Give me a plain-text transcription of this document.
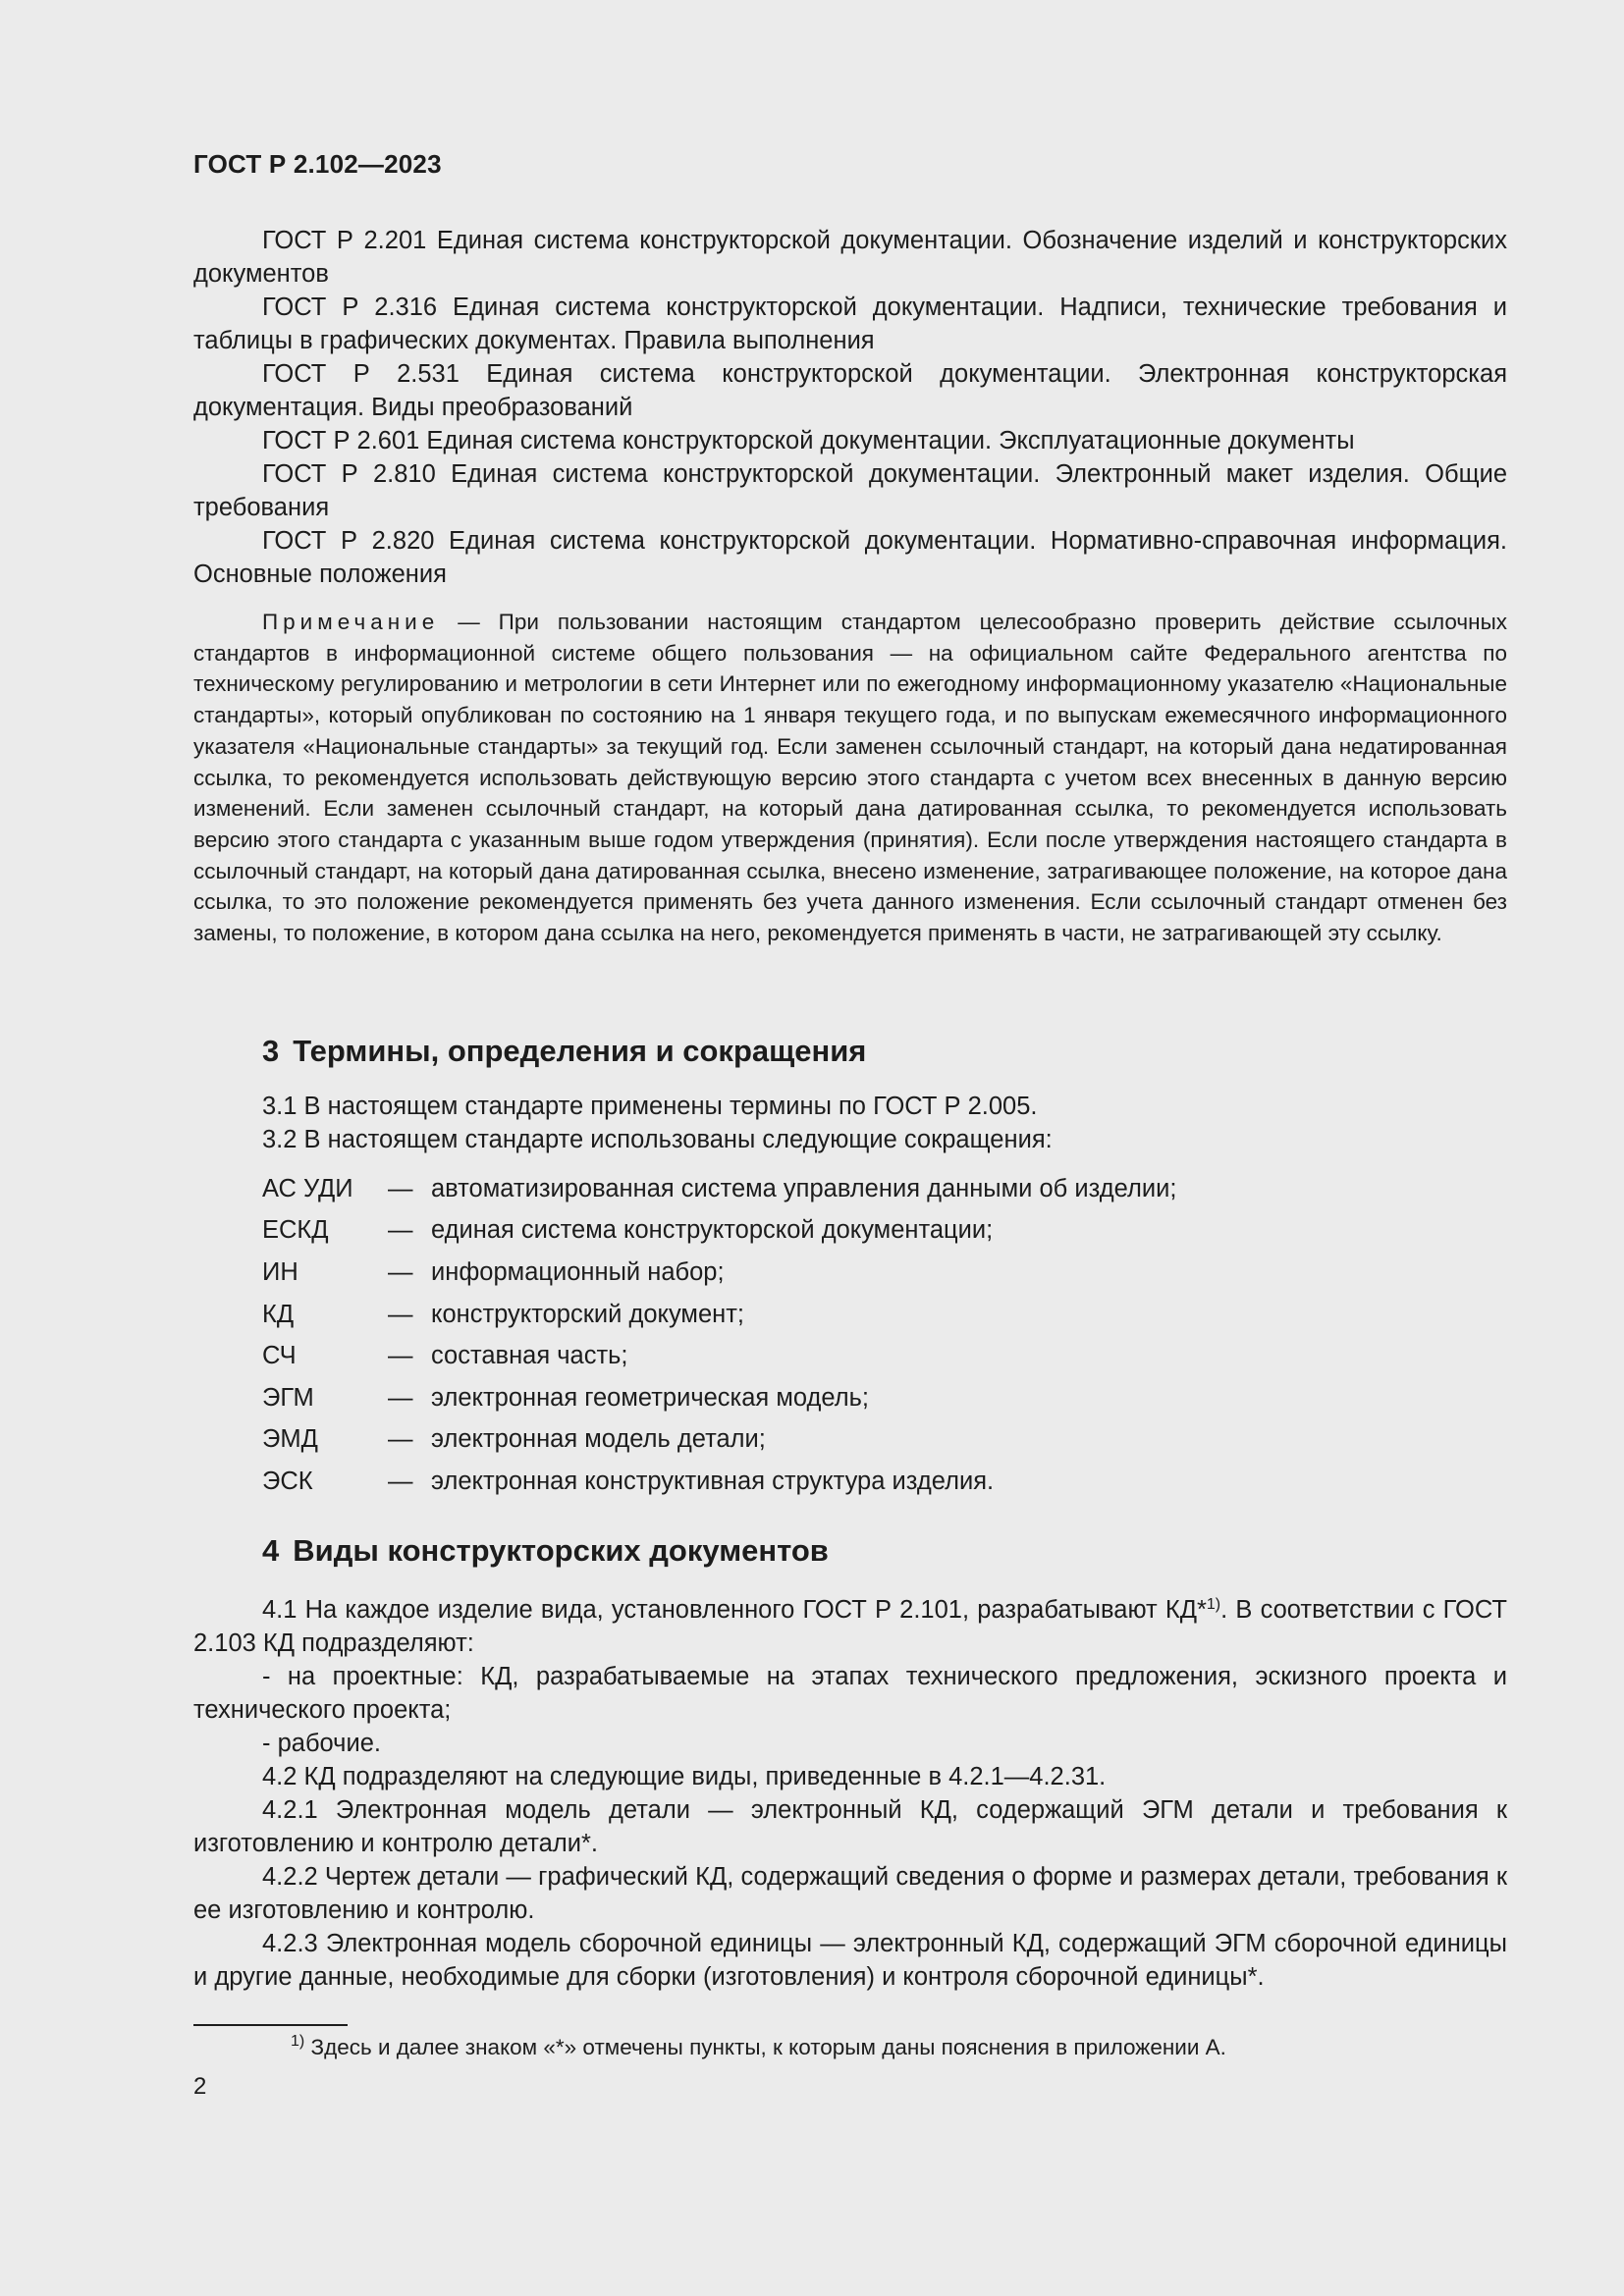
ГОСТ Р 2.102—2023

ГОСТ Р 2.201 Единая система конструкторской документации. Обозначение изделий и конструкторских документов

ГОСТ Р 2.316 Единая система конструкторской документации. Надписи, технические требования и таблицы в графических документах. Правила выполнения

ГОСТ Р 2.531 Единая система конструкторской документации. Электронная конструкторская документация. Виды преобразований

ГОСТ Р 2.601 Единая система конструкторской документации. Эксплуатационные документы

ГОСТ Р 2.810 Единая система конструкторской документации. Электронный макет изделия. Общие требования

ГОСТ Р 2.820 Единая система конструкторской документации. Нормативно-справочная информация. Основные положения

Примечание — При пользовании настоящим стандартом целесообразно проверить действие ссылочных стандартов в информационной системе общего пользования — на официальном сайте Федерального агентства по техническому регулированию и метрологии в сети Интернет или по ежегодному информационному указателю «Национальные стандарты», который опубликован по состоянию на 1 января текущего года, и по выпускам ежемесячного информационного указателя «Национальные стандарты» за текущий год. Если заменен ссылочный стандарт, на который дана недатированная ссылка, то рекомендуется использовать действующую версию этого стандарта с учетом всех внесенных в данную версию изменений. Если заменен ссылочный стандарт, на который дана датированная ссылка, то рекомендуется использовать версию этого стандарта с указанным выше годом утверждения (принятия). Если после утверждения настоящего стандарта в ссылочный стандарт, на который дана датированная ссылка, внесено изменение, затрагивающее положение, на которое дана ссылка, то это положение рекомендуется применять без учета данного изменения. Если ссылочный стандарт отменен без замены, то положение, в котором дана ссылка на него, рекомендуется применять в части, не затрагивающей эту ссылку.

3 Термины, определения и сокращения
3.1 В настоящем стандарте применены термины по ГОСТ Р 2.005.
3.2 В настоящем стандарте использованы следующие сокращения:
АС УДИ	— автоматизированная система управления данными об изделии;
ЕСКД	— единая система конструкторской документации;
ИН	— информационный набор;
КД	— конструкторский документ;
СЧ	— составная часть;
ЭГМ	— электронная геометрическая модель;
ЭМД	— электронная модель детали;
ЭСК	— электронная конструктивная структура изделия.
4 Виды конструкторских документов

4.1 На каждое изделие вида, установленного ГОСТ Р 2.101, разрабатывают КД*$^{1)}$. В соответствии с ГОСТ 2.103 КД подразделяют:

- на проектные: КД, разрабатываемые на этапах технического предложения, эскизного проекта и технического проекта;

- рабочие.

4.2 КД подразделяют на следующие виды, приведенные в 4.2.1—4.2.31.

4.2.1 Электронная модель детали — электронный КД, содержащий ЭГМ детали и требования к изготовлению и контролю детали*.

4.2.2 Чертеж детали — графический КД, содержащий сведения о форме и размерах детали, требования к ее изготовлению и контролю.

4.2.3 Электронная модель сборочной единицы — электронный КД, содержащий ЭГМ сборочной единицы и другие данные, необходимые для сборки (изготовления) и контроля сборочной единицы*.

$^{1)}$ Здесь и далее знаком «*» отмечены пункты, к которым даны пояснения в приложении А.
2
